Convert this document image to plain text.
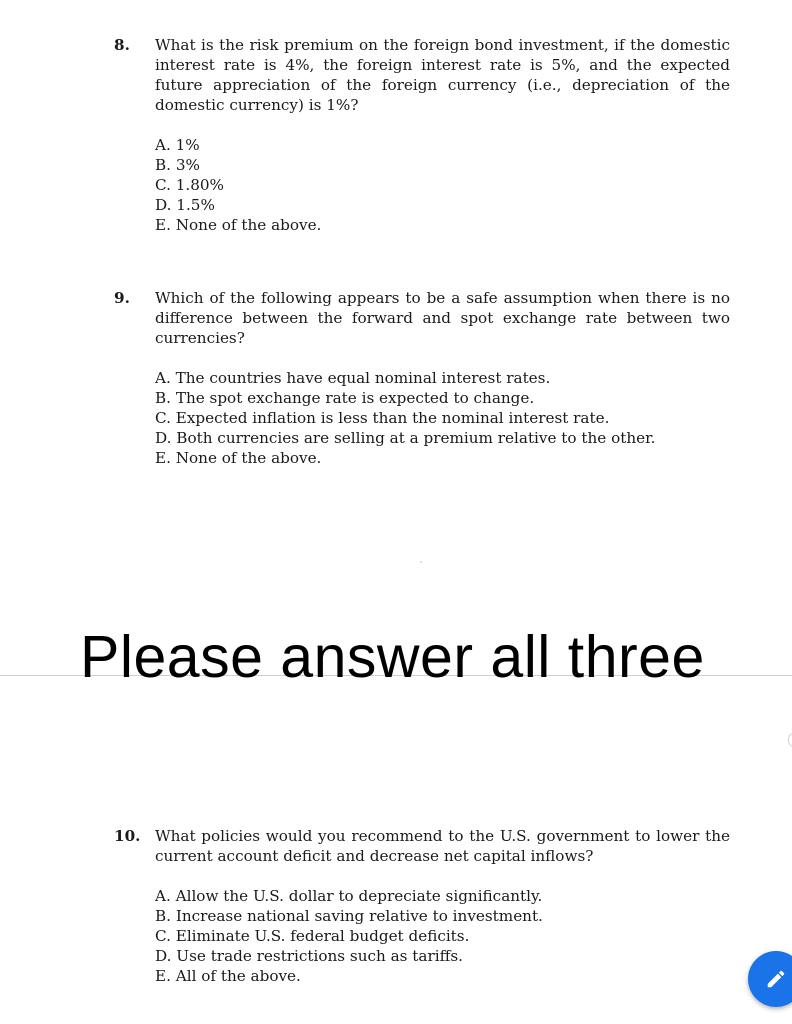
8. What is the risk premium on the foreign bond investment, if the domestic interest rate is 4%, the foreign interest rate is 5%, and the expected future appreciation of the foreign currency (i.e., depreciation of the domestic currency) is 1%?
A. 1%
B. 3%
C. 1.80%
D. 1.5%
E. None of the above.
9. Which of the following appears to be a safe assumption when there is no difference between the forward and spot exchange rate between two currencies?
A. The countries have equal nominal interest rates.
B. The spot exchange rate is expected to change.
C. Expected inflation is less than the nominal interest rate.
D. Both currencies are selling at a premium relative to the other.
E. None of the above.
Please answer all three
10. What policies would you recommend to the U.S. government to lower the current account deficit and decrease net capital inflows?
A. Allow the U.S. dollar to depreciate significantly.
B. Increase national saving relative to investment.
C. Eliminate U.S. federal budget deficits.
D. Use trade restrictions such as tariffs.
E. All of the above.
